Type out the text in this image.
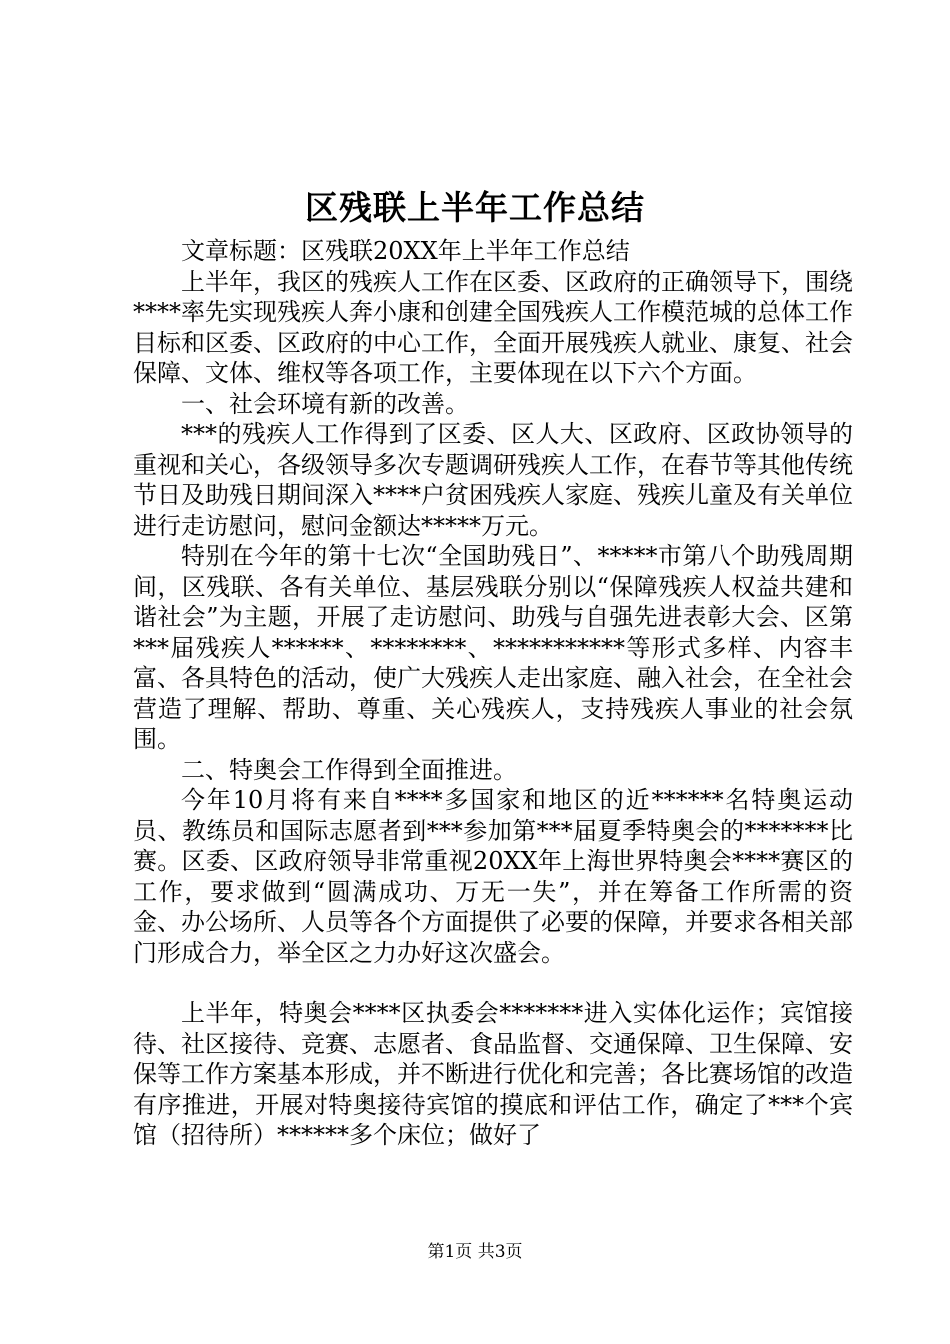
区残联上半年工作总结

文章标题：区残联20XX年上半年工作总结

上半年，我区的残疾人工作在区委、区政府的正确领导下，围绕****率先实现残疾人奔小康和创建全国残疾人工作模范城的总体工作目标和区委、区政府的中心工作，全面开展残疾人就业、康复、社会保障、文体、维权等各项工作，主要体现在以下六个方面。

一、社会环境有新的改善。

***的残疾人工作得到了区委、区人大、区政府、区政协领导的重视和关心，各级领导多次专题调研残疾人工作，在春节等其他传统节日及助残日期间深入****户贫困残疾人家庭、残疾儿童及有关单位进行走访慰问，慰问金额达*****万元。

特别在今年的第十七次“全国助残日”、*****市第八个助残周期间，区残联、各有关单位、基层残联分别以“保障残疾人权益共建和谐社会”为主题，开展了走访慰问、助残与自强先进表彰大会、区第***届残疾人******、********、***********等形式多样、内容丰富、各具特色的活动，使广大残疾人走出家庭、融入社会，在全社会营造了理解、帮助、尊重、关心残疾人，支持残疾人事业的社会氛围。

二、特奥会工作得到全面推进。

今年10月将有来自****多国家和地区的近******名特奥运动员、教练员和国际志愿者到***参加第***届夏季特奥会的*******比赛。区委、区政府领导非常重视20XX年上海世界特奥会****赛区的工作，要求做到“圆满成功、万无一失”，并在筹备工作所需的资金、办公场所、人员等各个方面提供了必要的保障，并要求各相关部门形成合力，举全区之力办好这次盛会。

上半年，特奥会****区执委会*******进入实体化运作；宾馆接待、社区接待、竞赛、志愿者、食品监督、交通保障、卫生保障、安保等工作方案基本形成，并不断进行优化和完善；各比赛场馆的改造有序推进，开展对特奥接待宾馆的摸底和评估工作，确定了***个宾馆（招待所）******多个床位；做好了

第1页 共3页
